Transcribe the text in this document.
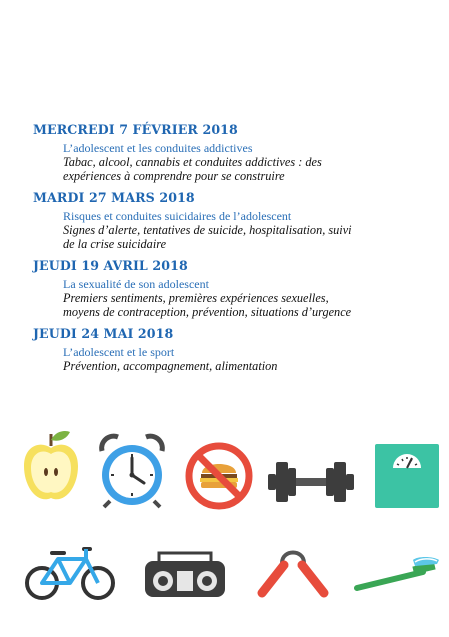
MERCREDI 7 FÉVRIER 2018
L’adolescent et les conduites addictives
Tabac, alcool, cannabis et conduites addictives : des
expériences à comprendre pour se construire
MARDI 27 MARS 2018
Risques et conduites suicidaires de l’adolescent
Signes d’alerte, tentatives de suicide, hospitalisation, suivi
de la crise suicidaire
JEUDI 19 AVRIL 2018
La sexualité de son adolescent
Premiers sentiments, premières expériences sexuelles,
moyens de contraception, prévention, situations d’urgence
JEUDI 24 MAI 2018
L’adolescent et le sport
Prévention, accompagnement, alimentation
